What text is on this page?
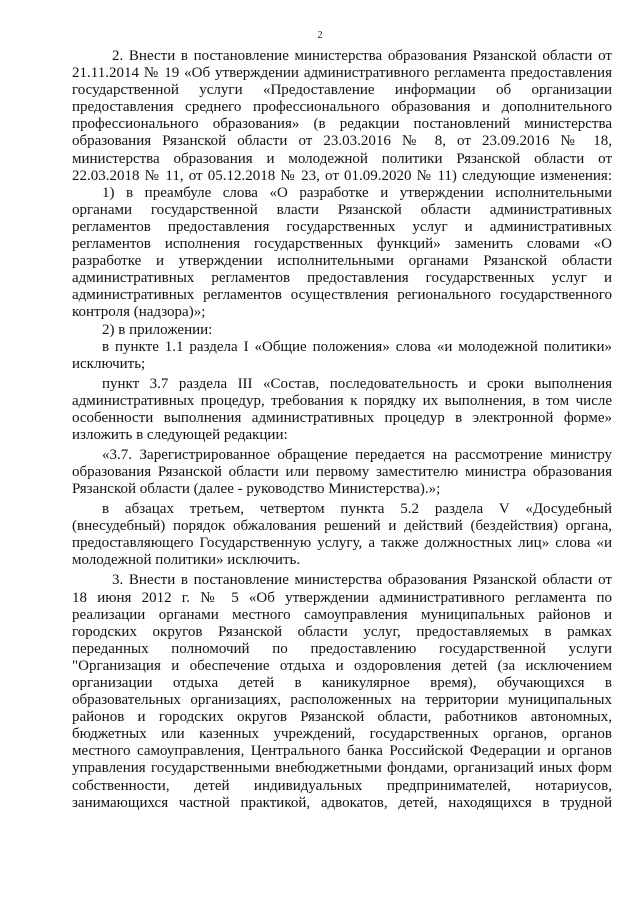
2
2. Внести в постановление министерства образования Рязанской области от
21.11.2014 № 19 «Об утверждении административного регламента предоставления
государственной услуги «Предоставление информации об организации
предоставления среднего профессионального образования и дополнительного
профессионального образования» (в редакции постановлений министерства
образования Рязанской области от 23.03.2016 № 8, от 23.09.2016 № 18,
министерства образования и молодежной политики Рязанской области от
22.03.2018 № 11, от 05.12.2018 № 23, от 01.09.2020 № 11) следующие изменения:
1) в преамбуле слова «О разработке и утверждении исполнительными
органами государственной власти Рязанской области административных
регламентов предоставления государственных услуг и административных
регламентов исполнения государственных функций» заменить словами «О
разработке и утверждении исполнительными органами Рязанской области
административных регламентов предоставления государственных услуг и
административных регламентов осуществления регионального государственного
контроля (надзора)»;
2) в приложении:
в пункте 1.1 раздела I «Общие положения» слова «и молодежной политики»
исключить;
пункт 3.7 раздела III «Состав, последовательность и сроки выполнения
административных процедур, требования к порядку их выполнения, в том числе
особенности выполнения административных процедур в электронной форме»
изложить в следующей редакции:
«3.7. Зарегистрированное обращение передается на рассмотрение министру
образования Рязанской области или первому заместителю министра образования
Рязанской области (далее - руководство Министерства).»;
в абзацах третьем, четвертом пункта 5.2 раздела V «Досудебный
(внесудебный) порядок обжалования решений и действий (бездействия) органа,
предоставляющего Государственную услугу, а также должностных лиц» слова «и
молодежной политики» исключить.
3. Внести в постановление министерства образования Рязанской области от
18 июня 2012 г. № 5 «Об утверждении административного регламента по
реализации органами местного самоуправления муниципальных районов и
городских округов Рязанской области услуг, предоставляемых в рамках
переданных полномочий по предоставлению государственной услуги
"Организация и обеспечение отдыха и оздоровления детей (за исключением
организации отдыха детей в каникулярное время), обучающихся в
образовательных организациях, расположенных на территории муниципальных
районов и городских округов Рязанской области, работников автономных,
бюджетных или казенных учреждений, государственных органов, органов
местного самоуправления, Центрального банка Российской Федерации и органов
управления государственными внебюджетными фондами, организаций иных форм
собственности, детей индивидуальных предпринимателей, нотариусов,
занимающихся частной практикой, адвокатов, детей, находящихся в трудной
